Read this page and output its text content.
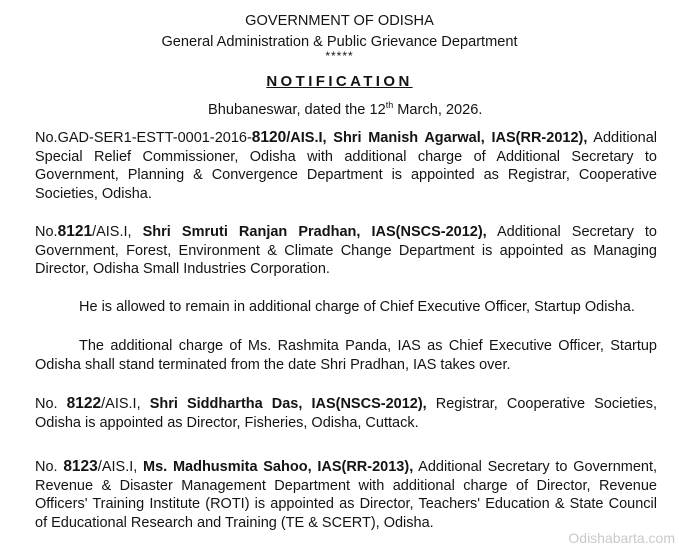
GOVERNMENT OF ODISHA
General Administration & Public Grievance Department
*****
NOTIFICATION
Bhubaneswar, dated the 12th March, 2026.
No.GAD-SER1-ESTT-0001-2016-8120/AIS.I, Shri Manish Agarwal, IAS(RR-2012), Additional Special Relief Commissioner, Odisha with additional charge of Additional Secretary to Government, Planning & Convergence Department is appointed as Registrar, Cooperative Societies, Odisha.
No.8121/AIS.I, Shri Smruti Ranjan Pradhan, IAS(NSCS-2012), Additional Secretary to Government, Forest, Environment & Climate Change Department is appointed as Managing Director, Odisha Small Industries Corporation.
He is allowed to remain in additional charge of Chief Executive Officer, Startup Odisha.
The additional charge of Ms. Rashmita Panda, IAS as Chief Executive Officer, Startup Odisha shall stand terminated from the date Shri Pradhan, IAS takes over.
No. 8122/AIS.I, Shri Siddhartha Das, IAS(NSCS-2012), Registrar, Cooperative Societies, Odisha is appointed as Director, Fisheries, Odisha, Cuttack.
No. 8123/AIS.I, Ms. Madhusmita Sahoo, IAS(RR-2013), Additional Secretary to Government, Revenue & Disaster Management Department with additional charge of Director, Revenue Officers' Training Institute (ROTI) is appointed as Director, Teachers' Education & State Council of Educational Research and Training (TE & SCERT), Odisha.
Odishabarta.com
